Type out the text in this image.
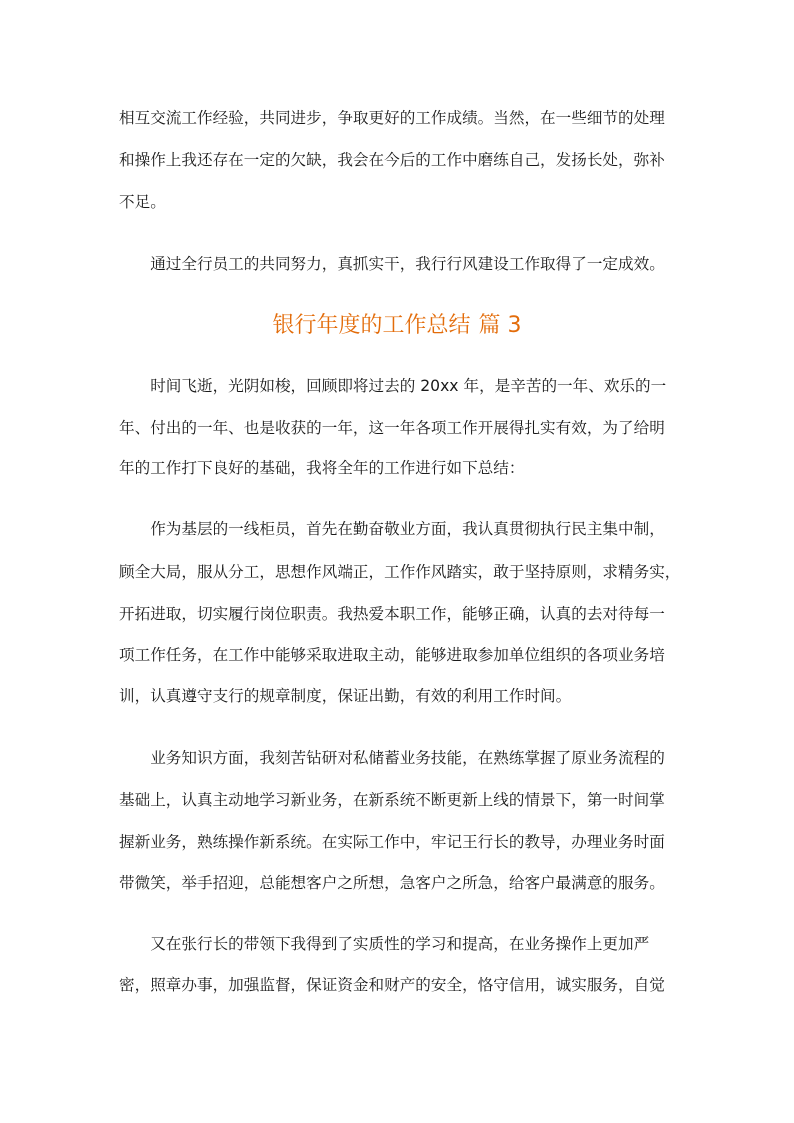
相互交流工作经验，共同进步，争取更好的工作成绩。当然，在一些细节的处理
和操作上我还存在一定的欠缺，我会在今后的工作中磨练自己，发扬长处，弥补
不足。
　　通过全行员工的共同努力，真抓实干，我行行风建设工作取得了一定成效。
银行年度的工作总结 篇 3
　　时间飞逝，光阴如梭，回顾即将过去的 20xx 年，是辛苦的一年、欢乐的一
年、付出的一年、也是收获的一年，这一年各项工作开展得扎实有效，为了给明
年的工作打下良好的基础，我将全年的工作进行如下总结：
　　作为基层的一线柜员，首先在勤奋敬业方面，我认真贯彻执行民主集中制，
顾全大局，服从分工，思想作风端正，工作作风踏实，敢于坚持原则，求精务实，
开拓进取，切实履行岗位职责。我热爱本职工作，能够正确，认真的去对待每一
项工作任务，在工作中能够采取进取主动，能够进取参加单位组织的各项业务培
训，认真遵守支行的规章制度，保证出勤，有效的利用工作时间。
　　业务知识方面，我刻苦钻研对私储蓄业务技能，在熟练掌握了原业务流程的
基础上，认真主动地学习新业务，在新系统不断更新上线的情景下，第一时间掌
握新业务，熟练操作新系统。在实际工作中，牢记王行长的教导，办理业务时面
带微笑，举手招迎，总能想客户之所想，急客户之所急，给客户最满意的服务。
　　又在张行长的带领下我得到了实质性的学习和提高，在业务操作上更加严
密，照章办事，加强监督，保证资金和财产的安全，恪守信用，诚实服务，自觉
